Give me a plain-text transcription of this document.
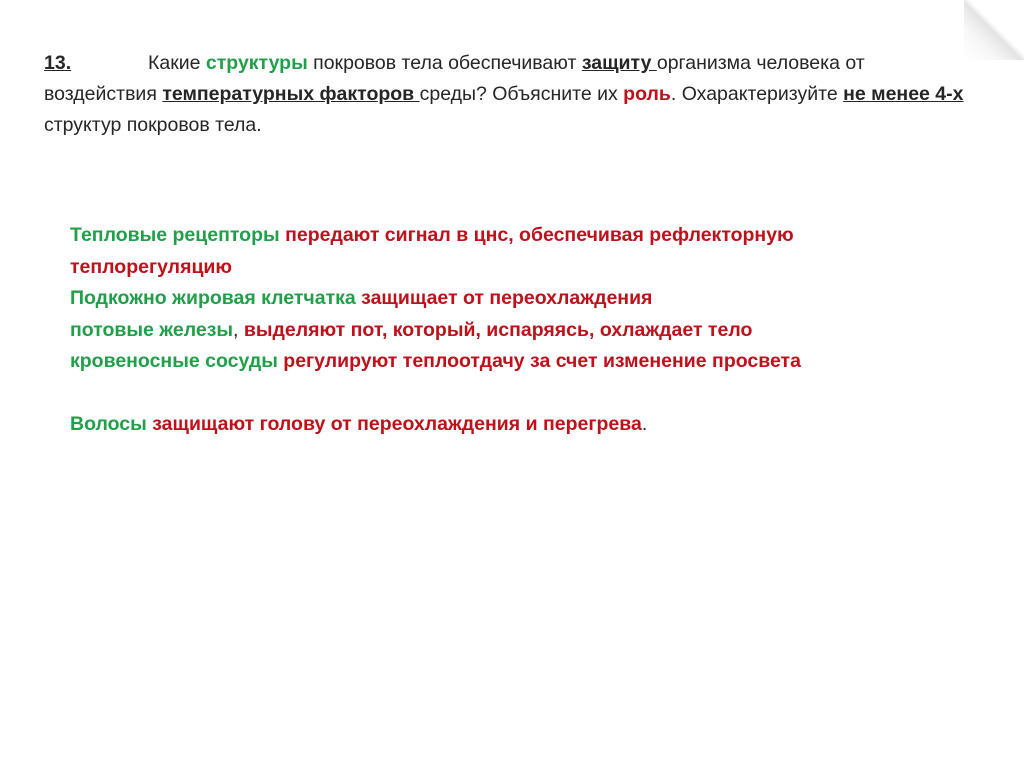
13.	Какие структуры покровов тела обеспечивают защиту организма человека от воздействия температурных факторов среды? Объясните их роль. Охарактеризуйте не менее 4-х структур покровов тела.
Тепловые рецепторы передают сигнал в цнс, обеспечивая рефлекторную
теплорегуляцию
Подкожно жировая клетчатка защищает от переохлаждения
потовые железы, выделяют пот, который, испаряясь, охлаждает тело
кровеносные сосуды регулируют теплоотдачу за счет изменение просвета
Волосы защищают голову от переохлаждения и перегрева.
